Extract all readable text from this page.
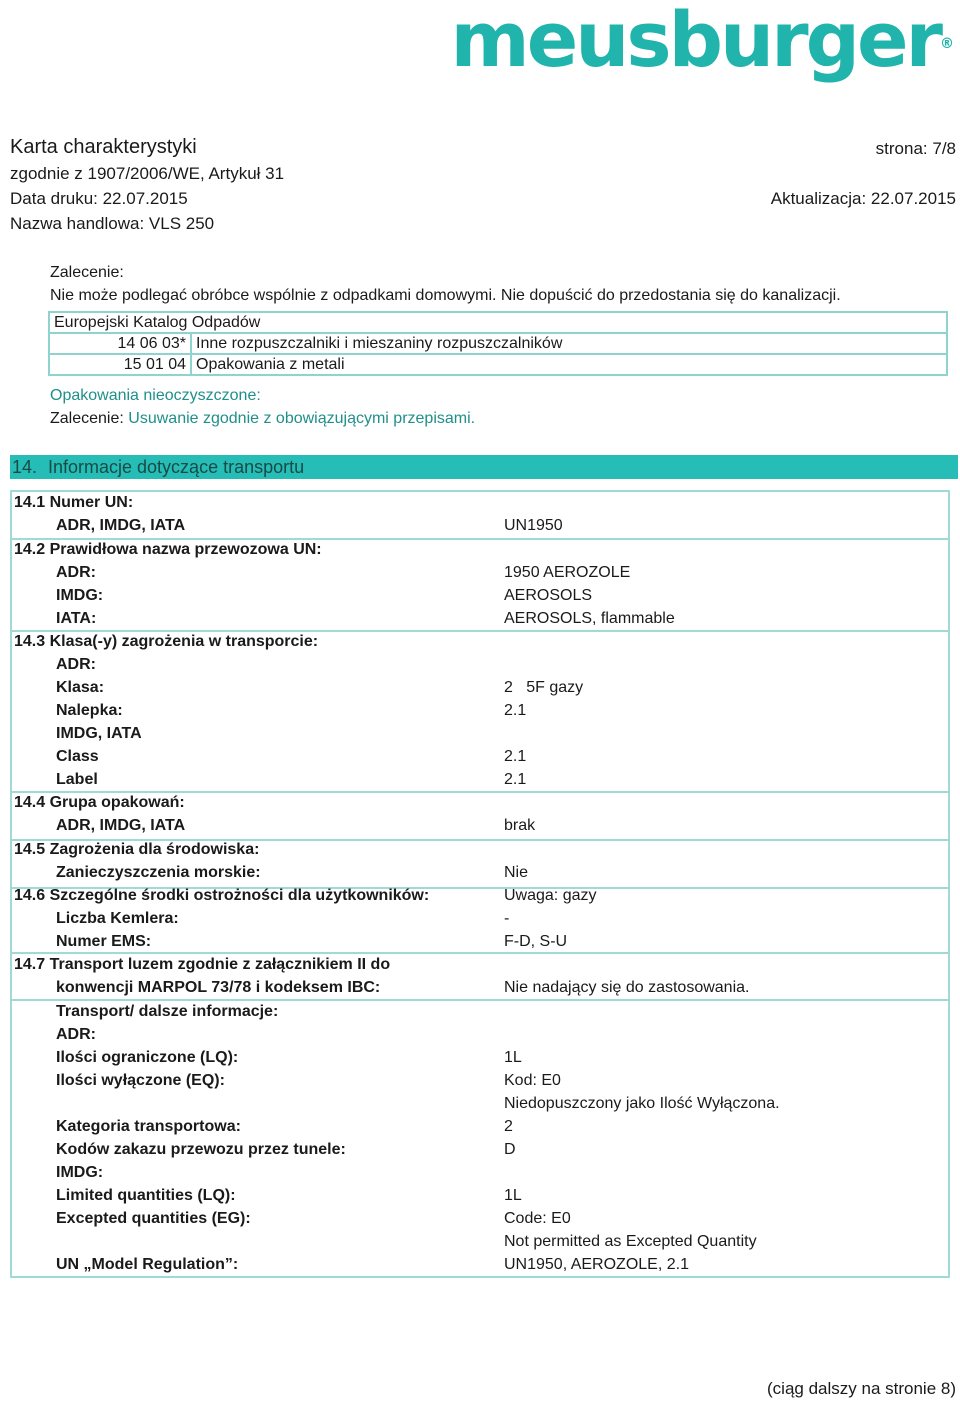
meusburger®
Karta charakterystyki	strona: 7/8
zgodnie z 1907/2006/WE, Artykuł 31
Data druku: 22.07.2015	Aktualizacja: 22.07.2015
Nazwa handlowa: VLS 250
Zalecenie:
Nie może podlegać obróbce wspólnie z odpadkami domowymi. Nie dopuścić do przedostania się do kanalizacji.
Europejski Katalog Odpadów	
14 06 03*	Inne rozpuszczalniki i mieszaniny rozpuszczalników
15 01 04	Opakowania z metali
Opakowania nieoczyszczone:
Zalecenie: Usuwanie zgodnie z obowiązującymi przepisami.
14. Informacje dotyczące transportu
14.1 Numer UN:
ADR, IMDG, IATA	UN1950
14.2 Prawidłowa nazwa przewozowa UN:
ADR:	1950 AEROZOLE
IMDG:	AEROSOLS
IATA:	AEROSOLS, flammable
14.3 Klasa(-y) zagrożenia w transporcie:
ADR:
Klasa:	2   5F gazy
Nalepka:	2.1
IMDG, IATA
Class	2.1
Label	2.1
14.4 Grupa opakowań:
ADR, IMDG, IATA	brak
14.5 Zagrożenia dla środowiska:
Zanieczyszczenia morskie:	Nie
14.6 Szczególne środki ostrożności dla użytkowników:	Uwaga: gazy
Liczba Kemlera:	-
Numer EMS:	F-D, S-U
14.7 Transport luzem zgodnie z załącznikiem II do
konwencji MARPOL 73/78 i kodeksem IBC:	Nie nadający się do zastosowania.
Transport/ dalsze informacje:
ADR:
Ilości ograniczone (LQ):	1L
Ilości wyłączone (EQ):	Kod: E0
Niedopuszczony jako Ilość Wyłączona.
Kategoria transportowa:	2
Kodów zakazu przewozu przez tunele:	D
IMDG:
Limited quantities (LQ):	1L
Excepted quantities (EG):	Code: E0
Not permitted as Excepted Quantity
UN „Model Regulation”:	UN1950, AEROZOLE, 2.1
(ciąg dalszy na stronie 8)
